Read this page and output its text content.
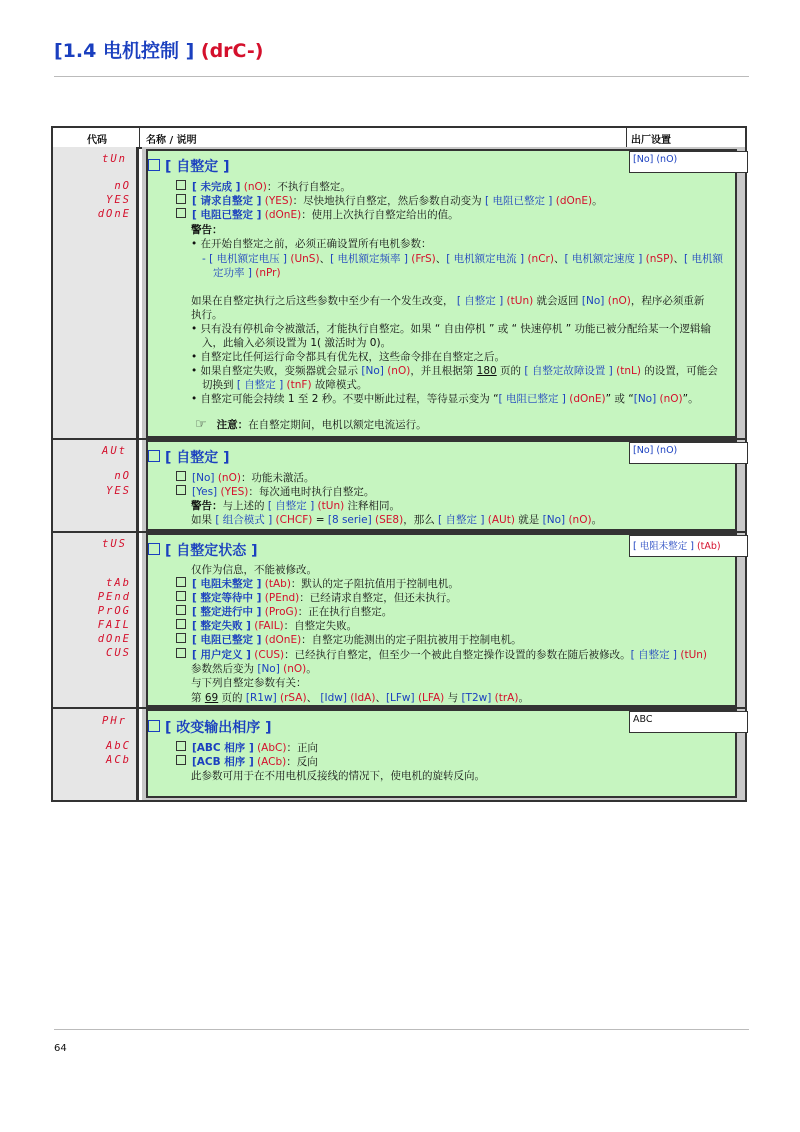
[1.4 电机控制 ] (drC-)
代码	名称 / 说明	出厂设置
[No] (nO)
[No] (nO)
[ 电阻未整定 ] (tAb)
ABC
tUn
nO
YES
dOnE
AUt
nO
YES
tUS
tAb
PEnd
PrOG
FAIL
dOnE
CUS
PHr
AbC
ACb
[ 自整定 ]
[ 未完成 ] (nO)：不执行自整定。
[ 请求自整定 ] (YES)：尽快地执行自整定，然后参数自动变为 [ 电阻已整定 ] (dOnE)。
[ 电阻已整定 ] (dOnE)：使用上次执行自整定给出的值。
警告：
• 在开始自整定之前，必须正确设置所有电机参数：
- [ 电机额定电压 ] (UnS)、[ 电机额定频率 ] (FrS)、[ 电机额定电流 ] (nCr)、[ 电机额定速度 ] (nSP)、[ 电机额
定功率 ] (nPr)
如果在自整定执行之后这些参数中至少有一个发生改变， [ 自整定 ] (tUn) 就会返回 [No] (nO)，程序必须重新
执行。
• 只有没有停机命令被激活，才能执行自整定。如果 “ 自由停机 ” 或 “ 快速停机 ” 功能已被分配给某一个逻辑输
入，此输入必须设置为 1( 激活时为 0)。
• 自整定比任何运行命令都具有优先权，这些命令排在自整定之后。
• 如果自整定失败，变频器就会显示 [No] (nO)，并且根据第 180 页的 [ 自整定故障设置 ] (tnL) 的设置，可能会
切换到 [ 自整定 ] (tnF) 故障模式。
• 自整定可能会持续 1 至 2 秒。不要中断此过程，等待显示变为 “[ 电阻已整定 ] (dOnE)” 或 “[No] (nO)”。
☞ 注意：在自整定期间，电机以额定电流运行。
[ 自整定 ]
[No] (nO)：功能未激活。
[Yes] (YES)：每次通电时执行自整定。
警告：与上述的 [ 自整定 ] (tUn) 注释相同。
如果 [ 组合模式 ] (CHCF) = [8 serie] (SE8)，那么 [ 自整定 ] (AUt) 就是 [No] (nO)。
[ 自整定状态 ]
仅作为信息，不能被修改。
[ 电阻未整定 ] (tAb)：默认的定子阻抗值用于控制电机。
[ 整定等待中 ] (PEnd)：已经请求自整定，但还未执行。
[ 整定进行中 ] (ProG)：正在执行自整定。
[ 整定失败 ] (FAIL)：自整定失败。
[ 电阻已整定 ] (dOnE)：自整定功能测出的定子阻抗被用于控制电机。
[ 用户定义 ] (CUS)：已经执行自整定，但至少一个被此自整定操作设置的参数在随后被修改。[ 自整定 ] (tUn)
参数然后变为 [No] (nO)。
与下列自整定参数有关：
第 69 页的 [R1w] (rSA)、 [Idw] (IdA)、[LFw] (LFA) 与 [T2w] (trA)。
[ 改变输出相序 ]
[ABC 相序 ] (AbC)：正向
[ACB 相序 ] (ACb)：反向
此参数可用于在不用电机反接线的情况下，使电机的旋转反向。
64
